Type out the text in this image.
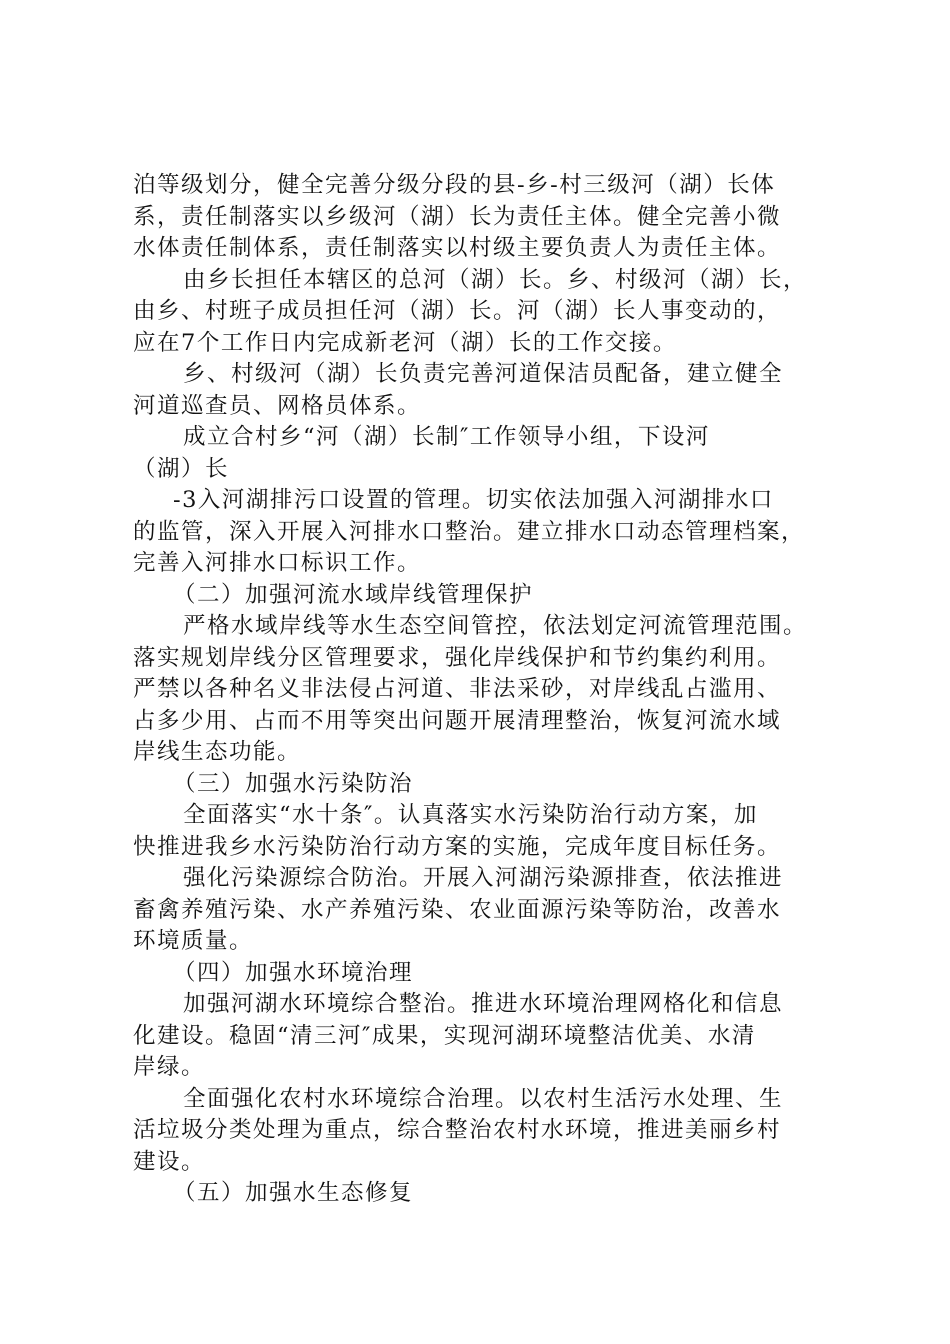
泊等级划分，健全完善分级分段的县-乡-村三级河（湖）长体
系，责任制落实以乡级河（湖）长为责任主体。健全完善小微
水体责任制体系，责任制落实以村级主要负责人为责任主体。
由乡长担任本辖区的总河（湖）长。乡、村级河（湖）长，
由乡、村班子成员担任河（湖）长。河（湖）长人事变动的，
应在7个工作日内完成新老河（湖）长的工作交接。
乡、村级河（湖）长负责完善河道保洁员配备，建立健全
河道巡查员、网格员体系。
成立合村乡“河（湖）长制″工作领导小组，下设河
（湖）长
-3入河湖排污口设置的管理。切实依法加强入河湖排水口
的监管，深入开展入河排水口整治。建立排水口动态管理档案，
完善入河排水口标识工作。
（二）加强河流水域岸线管理保护
严格水域岸线等水生态空间管控，依法划定河流管理范围。
落实规划岸线分区管理要求，强化岸线保护和节约集约利用。
严禁以各种名义非法侵占河道、非法采砂，对岸线乱占滥用、
占多少用、占而不用等突出问题开展清理整治，恢复河流水域
岸线生态功能。
（三）加强水污染防治
全面落实“水十条″。认真落实水污染防治行动方案，加
快推进我乡水污染防治行动方案的实施，完成年度目标任务。
强化污染源综合防治。开展入河湖污染源排查，依法推进
畜禽养殖污染、水产养殖污染、农业面源污染等防治，改善水
环境质量。
（四）加强水环境治理
加强河湖水环境综合整治。推进水环境治理网格化和信息
化建设。稳固“清三河″成果，实现河湖环境整洁优美、水清
岸绿。
全面强化农村水环境综合治理。以农村生活污水处理、生
活垃圾分类处理为重点，综合整治农村水环境，推进美丽乡村
建设。
（五）加强水生态修复
